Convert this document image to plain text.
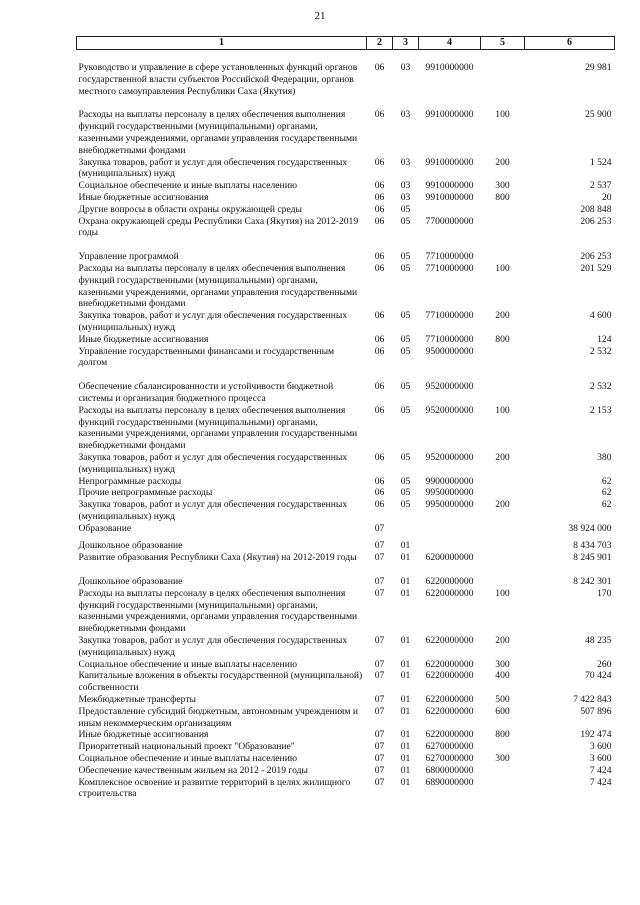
21
1	2	3	4	5	6
Руководство и управление в сфере установленных функций органов государственной власти субъектов Российской Федерации, органов местного самоуправления Республики Саха (Якутия)	06	03	9910000000		29 981
Расходы на выплаты персоналу в целях обеспечения выполнения функций государственными (муниципальными) органами, казенными учреждениями, органами управления государственными внебюджетными фондами	06	03	9910000000	100	25 900
Закупка товаров, работ и услуг для обеспечения государственных (муниципальных) нужд	06	03	9910000000	200	1 524
Социальное обеспечение и иные выплаты населению	06	03	9910000000	300	2 537
Иные бюджетные ассигнования	06	03	9910000000	800	20
Другие вопросы в области охраны окружающей среды	06	05			208 848
Охрана окружающей среды Республики Саха (Якутия) на 2012-2019 годы	06	05	7700000000		206 253
Управление программой	06	05	7710000000		206 253
Расходы на выплаты персоналу в целях обеспечения выполнения функций государственными (муниципальными) органами, казенными учреждениями, органами управления государственными внебюджетными фондами	06	05	7710000000	100	201 529
Закупка товаров, работ и услуг для обеспечения государственных (муниципальных) нужд	06	05	7710000000	200	4 600
Иные бюджетные ассигнования	06	05	7710000000	800	124
Управление государственными финансами и государственным долгом	06	05	9500000000		2 532
Обеспечение сбалансированности и устойчивости бюджетной системы и организация бюджетного процесса	06	05	9520000000		2 532
Расходы на выплаты персоналу в целях обеспечения выполнения функций государственными (муниципальными) органами, казенными учреждениями, органами управления государственными внебюджетными фондами	06	05	9520000000	100	2 153
Закупка товаров, работ и услуг для обеспечения государственных (муниципальных) нужд	06	05	9520000000	200	380
Непрограммные расходы	06	05	9900000000		62
Прочие непрограммные расходы	06	05	9950000000		62
Закупка товаров, работ и услуг для обеспечения государственных (муниципальных) нужд	06	05	9950000000	200	62
Образование	07				38 924 000
Дошкольное образование	07	01			8 434 703
Развитие образования Республики Саха (Якутия) на 2012-2019 годы	07	01	6200000000		8 245 901
Дошкольное образование	07	01	6220000000		8 242 301
Расходы на выплаты персоналу в целях обеспечения выполнения функций государственными (муниципальными) органами, казенными учреждениями, органами управления государственными внебюджетными фондами	07	01	6220000000	100	170
Закупка товаров, работ и услуг для обеспечения государственных (муниципальных) нужд	07	01	6220000000	200	48 235
Социальное обеспечение и иные выплаты населению	07	01	6220000000	300	260
Капитальные вложения в объекты государственной (муниципальной) собственности	07	01	6220000000	400	70 424
Межбюджетные трансферты	07	01	6220000000	500	7 422 843
Предоставление субсидий бюджетным, автономным учреждениям и иным некоммерческим организациям	07	01	6220000000	600	507 896
Иные бюджетные ассигнования	07	01	6220000000	800	192 474
Приоритетный национальный проект "Образование"	07	01	6270000000		3 600
Социальное обеспечение и иные выплаты населению	07	01	6270000000	300	3 600
Обеспечение качественным жильем на 2012 - 2019 годы	07	01	6800000000		7 424
Комплексное освоение и развитие территорий в целях жилищного строительства	07	01	6890000000		7 424
